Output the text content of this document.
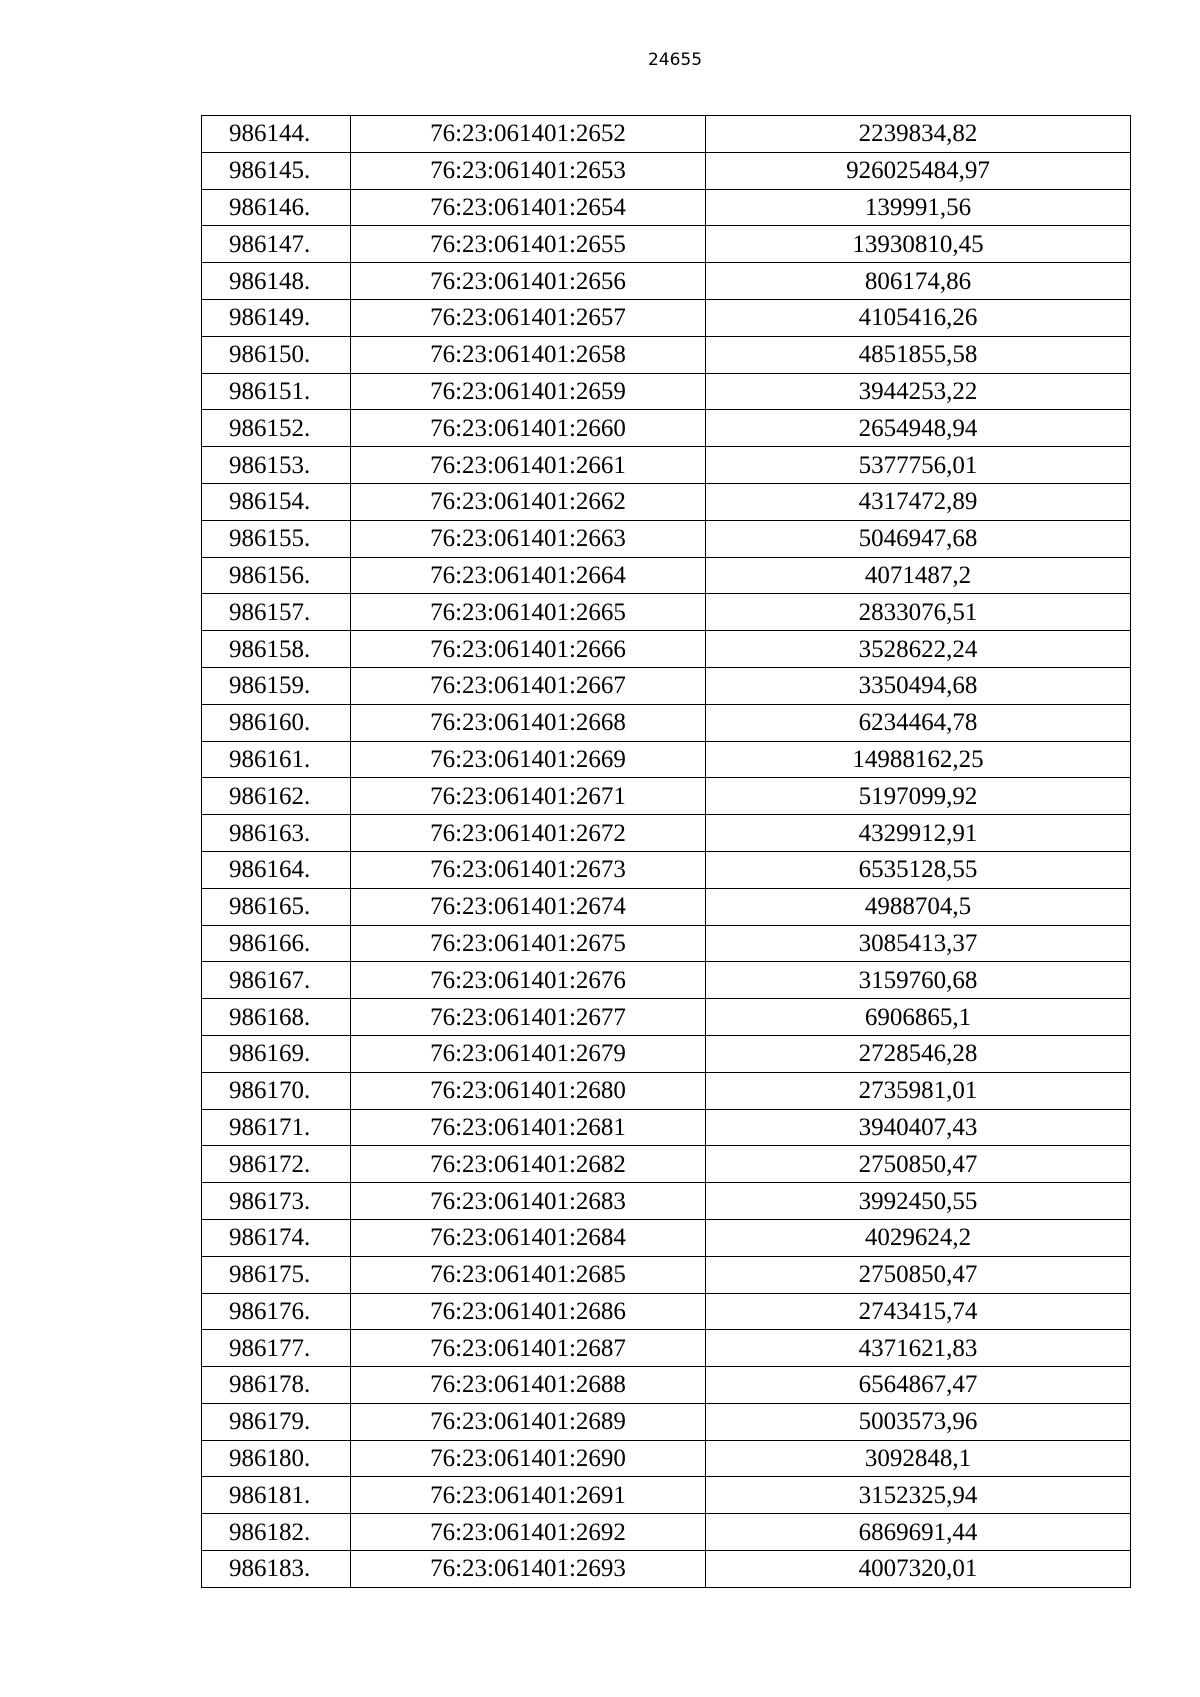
24655
986144.	76:23:061401:2652	2239834,82
986145.	76:23:061401:2653	926025484,97
986146.	76:23:061401:2654	139991,56
986147.	76:23:061401:2655	13930810,45
986148.	76:23:061401:2656	806174,86
986149.	76:23:061401:2657	4105416,26
986150.	76:23:061401:2658	4851855,58
986151.	76:23:061401:2659	3944253,22
986152.	76:23:061401:2660	2654948,94
986153.	76:23:061401:2661	5377756,01
986154.	76:23:061401:2662	4317472,89
986155.	76:23:061401:2663	5046947,68
986156.	76:23:061401:2664	4071487,2
986157.	76:23:061401:2665	2833076,51
986158.	76:23:061401:2666	3528622,24
986159.	76:23:061401:2667	3350494,68
986160.	76:23:061401:2668	6234464,78
986161.	76:23:061401:2669	14988162,25
986162.	76:23:061401:2671	5197099,92
986163.	76:23:061401:2672	4329912,91
986164.	76:23:061401:2673	6535128,55
986165.	76:23:061401:2674	4988704,5
986166.	76:23:061401:2675	3085413,37
986167.	76:23:061401:2676	3159760,68
986168.	76:23:061401:2677	6906865,1
986169.	76:23:061401:2679	2728546,28
986170.	76:23:061401:2680	2735981,01
986171.	76:23:061401:2681	3940407,43
986172.	76:23:061401:2682	2750850,47
986173.	76:23:061401:2683	3992450,55
986174.	76:23:061401:2684	4029624,2
986175.	76:23:061401:2685	2750850,47
986176.	76:23:061401:2686	2743415,74
986177.	76:23:061401:2687	4371621,83
986178.	76:23:061401:2688	6564867,47
986179.	76:23:061401:2689	5003573,96
986180.	76:23:061401:2690	3092848,1
986181.	76:23:061401:2691	3152325,94
986182.	76:23:061401:2692	6869691,44
986183.	76:23:061401:2693	4007320,01
